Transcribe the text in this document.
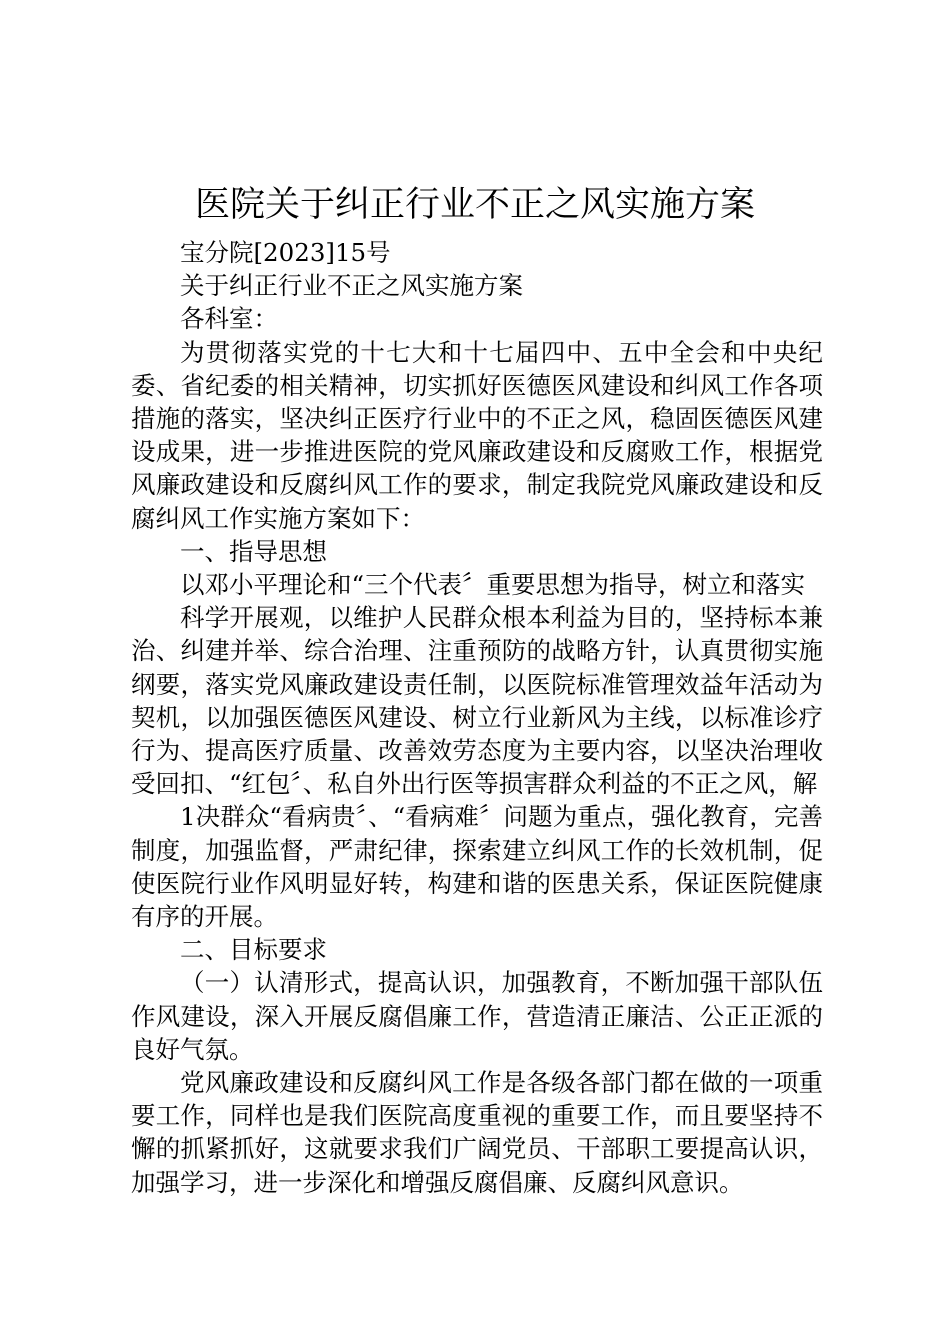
医院关于纠正行业不正之风实施方案

宝分院[2023]15号

关于纠正行业不正之风实施方案

各科室：

为贯彻落实党的十七大和十七届四中、五中全会和中央纪委、省纪委的相关精神，切实抓好医德医风建设和纠风工作各项措施的落实，坚决纠正医疗行业中的不正之风，稳固医德医风建设成果，进一步推进医院的党风廉政建设和反腐败工作，根据党风廉政建设和反腐纠风工作的要求，制定我院党风廉政建设和反腐纠风工作实施方案如下：

一、指导思想

以邓小平理论和“三个代表〞重要思想为指导，树立和落实

科学开展观，以维护人民群众根本利益为目的，坚持标本兼治、纠建并举、综合治理、注重预防的战略方针，认真贯彻实施纲要，落实党风廉政建设责任制，以医院标准管理效益年活动为契机，以加强医德医风建设、树立行业新风为主线，以标准诊疗行为、提高医疗质量、改善效劳态度为主要内容，以坚决治理收受回扣、“红包〞、私自外出行医等损害群众利益的不正之风，解

1决群众“看病贵〞、“看病难〞问题为重点，强化教育，完善制度，加强监督，严肃纪律，探索建立纠风工作的长效机制，促使医院行业作风明显好转，构建和谐的医患关系，保证医院健康有序的开展。

二、目标要求

（一）认清形式，提高认识，加强教育，不断加强干部队伍作风建设，深入开展反腐倡廉工作，营造清正廉洁、公正正派的良好气氛。

党风廉政建设和反腐纠风工作是各级各部门都在做的一项重要工作，同样也是我们医院高度重视的重要工作，而且要坚持不懈的抓紧抓好，这就要求我们广阔党员、干部职工要提高认识，加强学习，进一步深化和增强反腐倡廉、反腐纠风意识。
